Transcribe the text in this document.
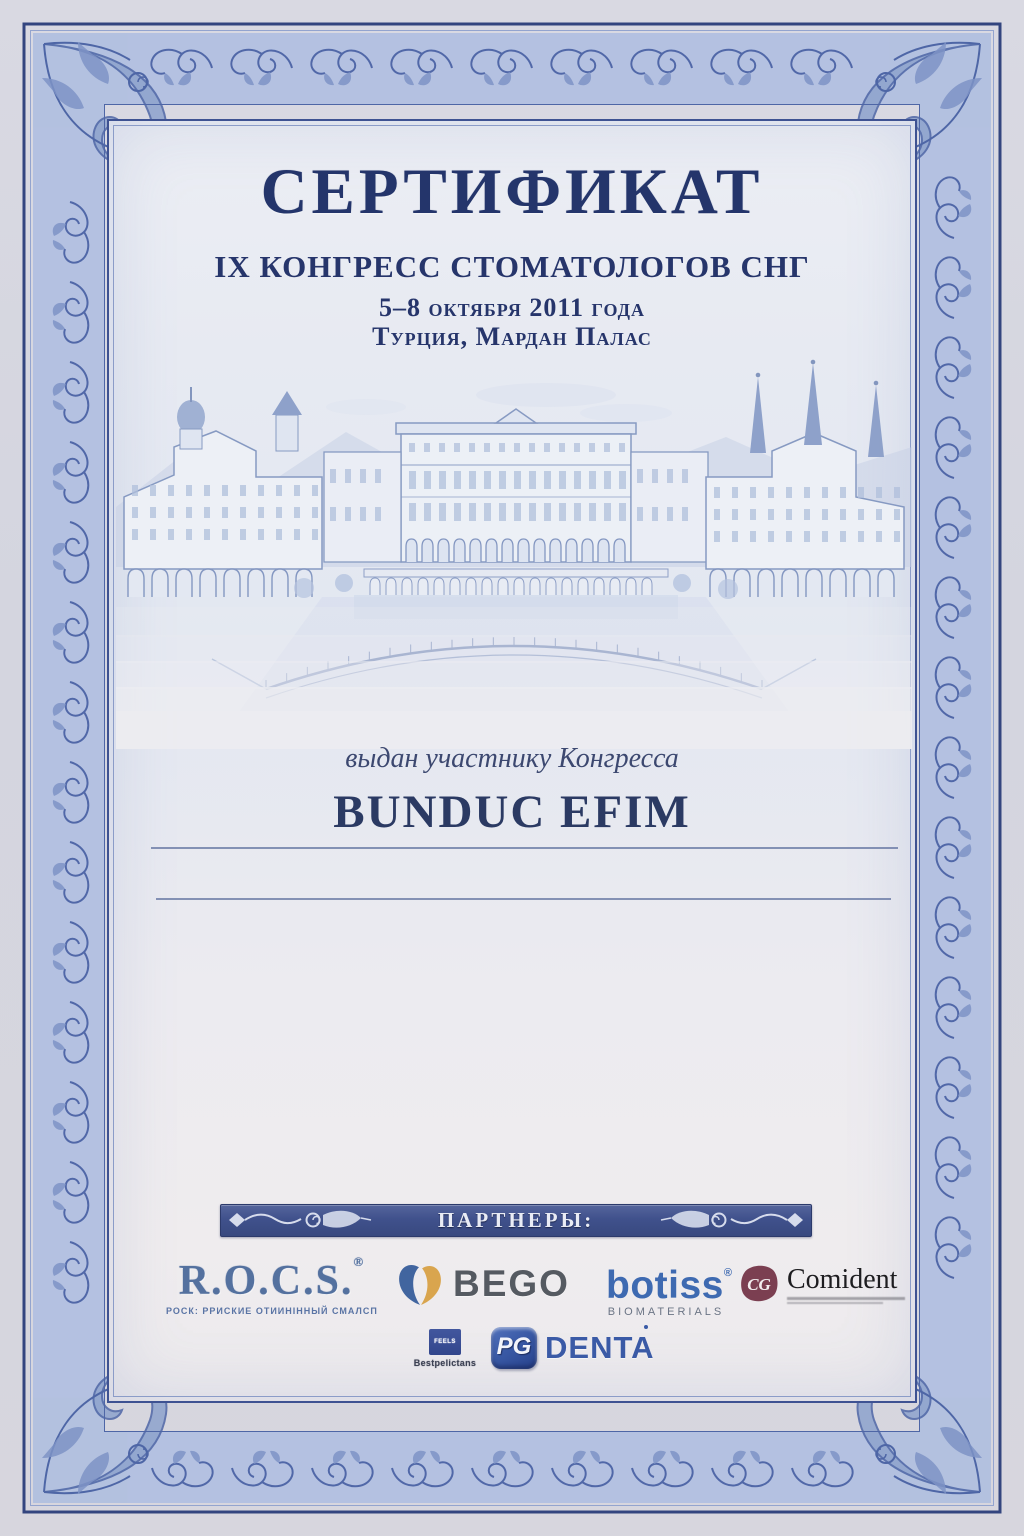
СЕРТИФИКАТ
IX КОНГРЕСС СТОМАТОЛОГОВ СНГ
5–8 октября 2011 года
Турция, Мардан Палас
выдан участнику Конгресса
BUNDUC EFIM
ПАРТНЕРЫ:
R.O.C.S.®
РОСК: РРИСКИЕ ОТИИНІННЫЙ СМАЛСП
BEGO botiss®
BIOMATERIALS
CG Comident
FEELS
Bestpelictans
PG DENTA
